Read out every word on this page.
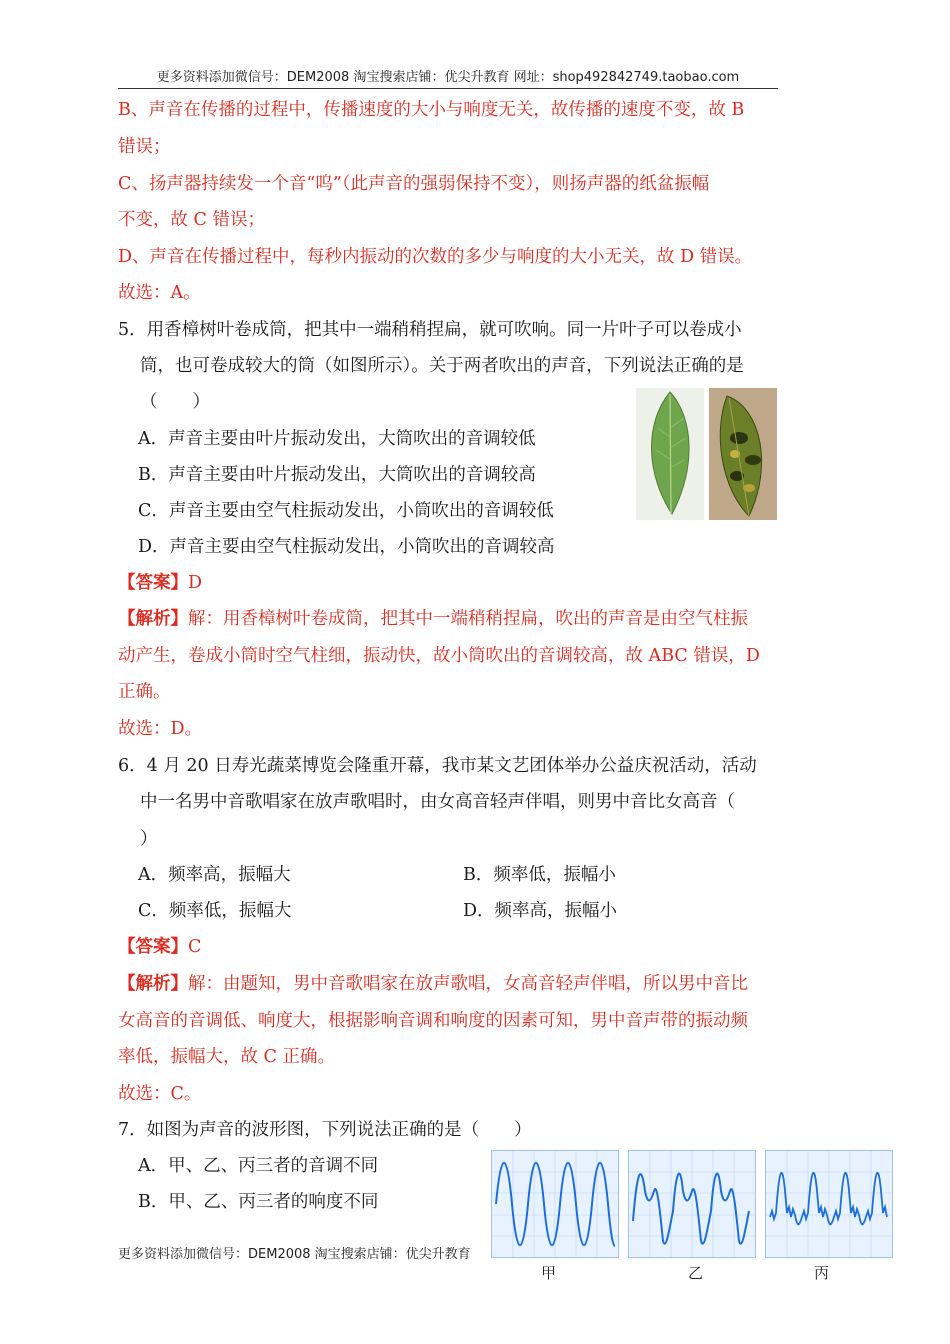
更多资料添加微信号：DEM2008 淘宝搜索店铺：优尖升教育 网址：shop492842749.taobao.com
B、声音在传播的过程中，传播速度的大小与响度无关，故传播的速度不变，故 B
错误；
C、扬声器持续发一个音“呜”（此声音的强弱保持不变），则扬声器的纸盆振幅
不变，故 C 错误；
D、声音在传播过程中，每秒内振动的次数的多少与响度的大小无关，故 D 错误。
故选：A。
5．用香樟树叶卷成筒，把其中一端稍稍捏扁，就可吹响。同一片叶子可以卷成小
筒，也可卷成较大的筒（如图所示）。关于两者吹出的声音，下列说法正确的是
（　　）
A．声音主要由叶片振动发出，大筒吹出的音调较低
B．声音主要由叶片振动发出，大筒吹出的音调较高
C．声音主要由空气柱振动发出，小筒吹出的音调较低
D．声音主要由空气柱振动发出，小筒吹出的音调较高
【答案】D
【解析】解：用香樟树叶卷成筒，把其中一端稍稍捏扁，吹出的声音是由空气柱振
动产生，卷成小筒时空气柱细，振动快，故小筒吹出的音调较高，故 ABC 错误，D
正确。
故选：D。
6．4 月 20 日寿光蔬菜博览会隆重开幕，我市某文艺团体举办公益庆祝活动，活动
中一名男中音歌唱家在放声歌唱时，由女高音轻声伴唱，则男中音比女高音（
）
A．频率高，振幅大	B．频率低，振幅小
C．频率低，振幅大	D．频率高，振幅小
【答案】C
【解析】解：由题知，男中音歌唱家在放声歌唱，女高音轻声伴唱，所以男中音比
女高音的音调低、响度大，根据影响音调和响度的因素可知，男中音声带的振动频
率低，振幅大，故 C 正确。
故选：C。
7．如图为声音的波形图，下列说法正确的是（　　）
A．甲、乙、丙三者的音调不同
B．甲、乙、丙三者的响度不同
甲	乙	丙
更多资料添加微信号：DEM2008 淘宝搜索店铺：优尖升教育
